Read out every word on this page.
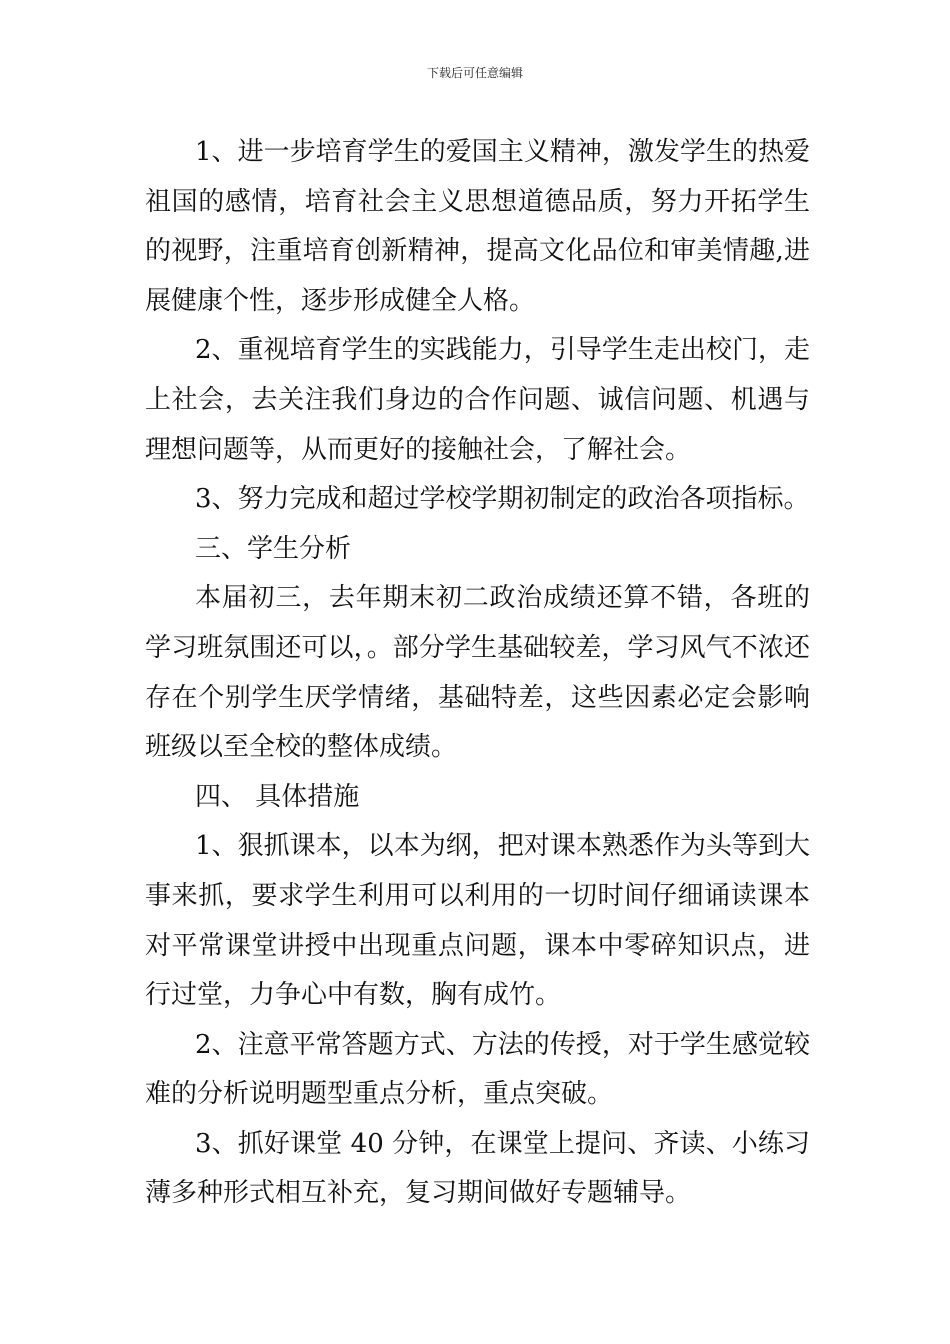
下载后可任意编辑

1、进一步培育学生的爱国主义精神，激发学生的热爱祖国的感情，培育社会主义思想道德品质，努力开拓学生的视野，注重培育创新精神，提高文化品位和审美情趣,进展健康个性，逐步形成健全人格。

2、重视培育学生的实践能力，引导学生走出校门，走上社会，去关注我们身边的合作问题、诚信问题、机遇与理想问题等，从而更好的接触社会，了解社会。

3、努力完成和超过学校学期初制定的政治各项指标。

三、学生分析

本届初三，去年期末初二政治成绩还算不错，各班的学习班氛围还可以，。部分学生基础较差，学习风气不浓还存在个别学生厌学情绪，基础特差，这些因素必定会影响班级以至全校的整体成绩。

四、 具体措施

1、狠抓课本，以本为纲，把对课本熟悉作为头等到大事来抓，要求学生利用可以利用的一切时间仔细诵读课本对平常课堂讲授中出现重点问题，课本中零碎知识点，进行过堂，力争心中有数，胸有成竹。

2、注意平常答题方式、方法的传授，对于学生感觉较难的分析说明题型重点分析，重点突破。

3、抓好课堂 40 分钟，在课堂上提问、齐读、小练习薄多种形式相互补充，复习期间做好专题辅导。
